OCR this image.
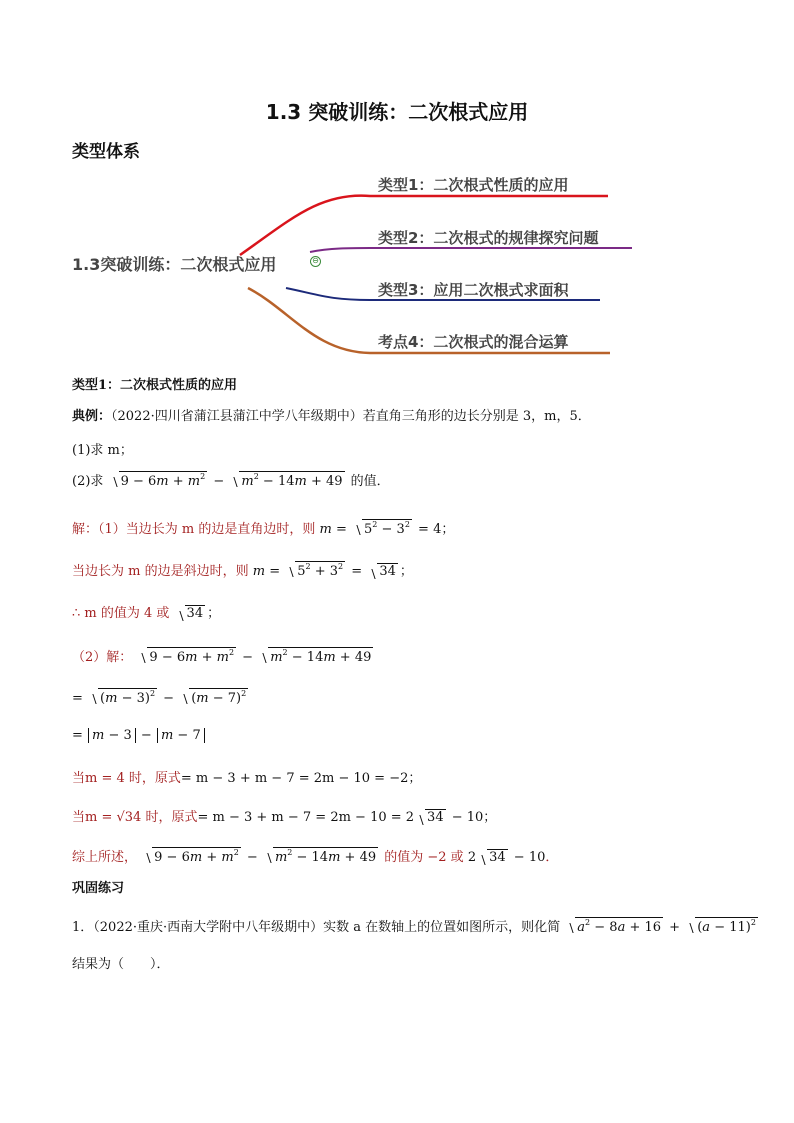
1.3 突破训练：二次根式应用
类型体系
1.3突破训练：二次根式应用	⊖
类型1：二次根式性质的应用
类型2：二次根式的规律探究问题
类型3：应用二次根式求面积
考点4：二次根式的混合运算
类型1：二次根式性质的应用
典例：（2022·四川省蒲江县蒲江中学八年级期中）若直角三角形的边长分别是 3，m，5．
(1)求 m；
(2)求 $9 - 6m + m^2 - m^2 - 14m + 49$ 的值．
解：（1）当边长为 m 的边是直角边时，则 $m = 5^2 - 3^2 = 4$；
当边长为 m 的边是斜边时，则 $m = 5^2 + 3^2 = 34$ ；
∴ m 的值为 4 或 34 ；
（2）解： $9 - 6m + m^2 - m^2 - 14m + 49$
= $(m - 3)^2 - (m - 7)^2$
= m − 3 − m − 7
当m = 4 时，原式= m − 3 + m − 7 = 2m − 10 = −2；
当m = √34 时，原式= m − 3 + m − 7 = 2m − 10 = 2 34 − 10；
综上所述， $9 - 6m + m^2 - m^2 - 14m + 49$ 的值为 −2 或 2 34 − 10．
巩固练习
1．（2022·重庆·西南大学附中八年级期中）实数 a 在数轴上的位置如图所示，则化简 $a^2 - 8a + 16 + (a - 11)^2$
结果为（　　）．
